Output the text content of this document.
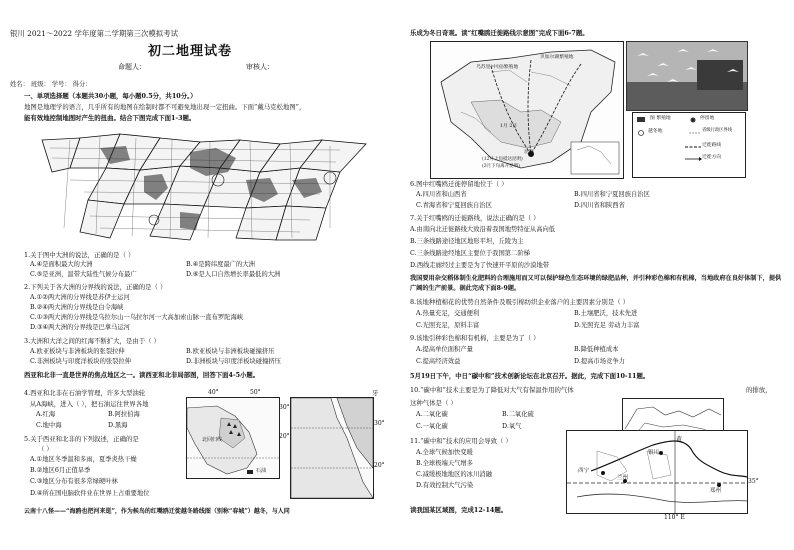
银川 2021～2022 学年度第二学期第三次模拟考试
初二地理试卷
命题人：	审核人：
姓名： 班级： 学号： 得分：
一、单项选择题（本题共30小题，每小题0.5分，共10分。）
地图是地理学的语言，几乎所有的地图在绘制时都不可避免地出现一定扭曲。下面“戴马克松地图”，
能有效地控制地图时产生的扭曲。结合下图完成下面1-3题。
1.关于图中大洲的说法，正确的是（ ）
A.④是面积最大的大洲	B.④是跨纬度最广的大洲
C.⑤是亚洲，温带大陆性气候分布最广	D.⑥是人口自然增长率最低的大洲
2.下列关于各大洲的分界线的说法，正确的是（ ）
A.①②两大洲的分界线是苏伊士运河
B.②④两大洲的分界线是白令海峡
C.①③两大洲的分界线是乌拉尔山一乌拉尔河一大高加索山脉一直布罗陀海峡
D.③④两大洲的分界线是巴拿马运河
3.大洲和大洋之间的红海不断扩大，是由于（ ）
A.欧亚板块与非洲板块的张裂拉伸	B.欧亚板块与非洲板块碰撞挤压
C.非洲板块与印度洋板块的张裂拉伸	D.非洲板块与印度洋板块碰撞挤压
西亚和北非一直是世界的焦点地区之一。读西亚和北非局部图，回答下面4-5小题。
4.西亚和北非在石油学管理，许多大型油轮
从A海峡，进入（ ），把石油运往世界各地
A.红海	B.阿拉伯海
C.地中海	D.黑海
牙
5.关于西亚和北非的下列叙述，正确的是
（ ）
A.①地区冬季温和多雨，夏季炎热干燥
B.②地区6月正值旱季
C.③地区分布有很多常绿硬叶林
D.④所在国电脑软件业在世界上占重要地位
40°	50°
30°
20°
北回归线
石油
30°
20°
云南十八怪——“海鸥也把河来逛”，作为候鸟的红嘴鸥迁徙越冬路线图（别称“春城”）越冬，与人同
乐成为冬日奇观。读“红嘴鸥迁徙路线示意图”完成下面6-7题。
乌苏里(中国)繁殖地
贝加尔湖繁殖地
1月 2月
昆明
(12月上旬抵达昆明)
(3月下旬离开昆明)
图 繁殖地	停留地
越冬地	省级行政区界线
迁徙路线
迁徙方向
6.图中红嘴鸥迁徙停留地位于（ ）
A.四川省和山西省	B.四川省和宁夏回族自治区
C.青海省和宁夏回族自治区	D.四川省和陕西省
7.关于红嘴鸥的迁徙路线，说法正确的是（ ）
A.由南向北迁徙路线大致沿着我国地势特征从高向低
B.三条线路途径地区地形平坦，丘陵为主
C.三条线路途经地区主要位于我国第二阶梯
D.西线走廊经过主要是为了快速开平原的沙漠地带
我国要用杂交稻体制生化肥料的合理施用而又可以保护绿色生态环境的绿肥品种，并引种彩色棉和有机棉，当地政府在良好体制下，提供广阔的生产前景。据此完成下面8-9题。
8.该地种植棉花的优势自然条件及吸引棉纺织企业落户的主要因素分别是（ ）
A.热量充足，交通便利	B.土壤肥沃，技术先进
C.光照充足，原料丰富	D.光照充足 劳动力丰富
9.该地引种彩色棉和有机棉，主要是为了（ ）
A.提高单位面积产量	B.降低种植成本
C.提高经济效益	D.提高市场竞争力
5月19日下午，中日“碳中和”技术创新论坛在北京召开。据此，完成下面10-11题。
10.“碳中和”技术主要是为了降低对大气有保温作用的气体	的排放，
这种气体是（ ）
A.二氧化碳	B.二氧化硫
C.一氧化碳	D.氧气
11.“碳中和”技术的应用会导致（ ）
A.全球气候加快变暖
B.全球极端天气增多
C.减缓极地地区的冰川消融
D.有效控制大气污染
黄
西宁
兰州
银川
郑州
35°
110° E
读我国某区域图，完成12-14题。
